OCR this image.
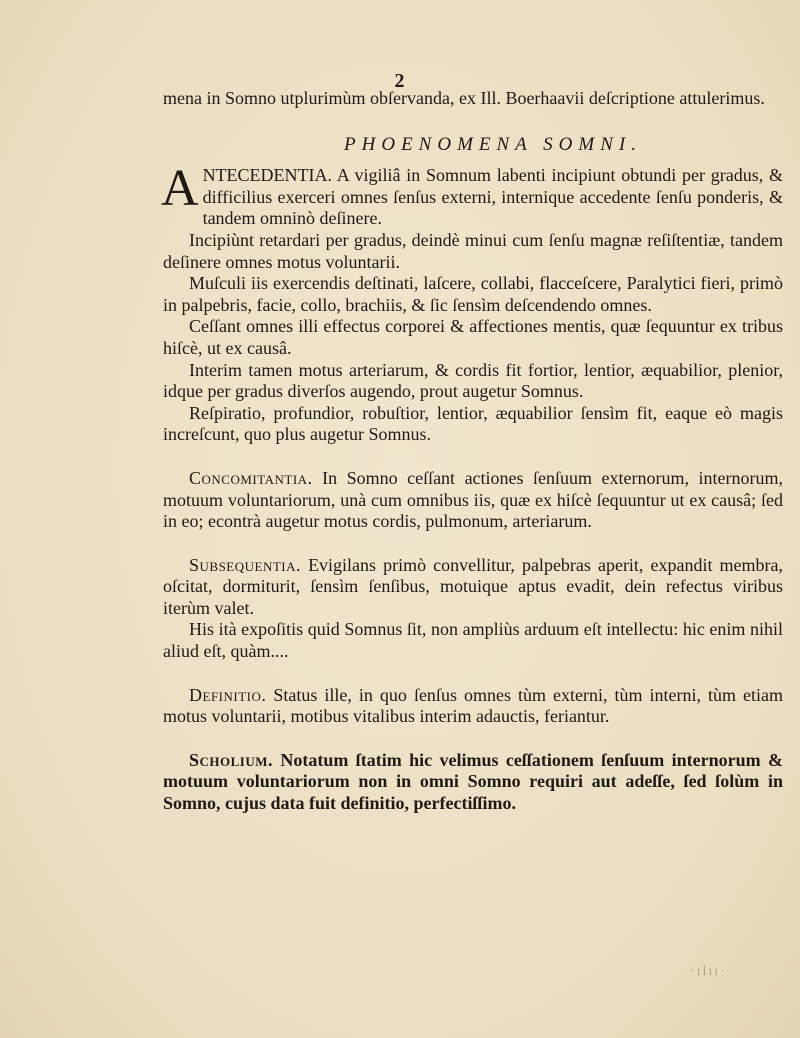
2

mena in Somno utplurimùm obſervanda, ex Ill. Boerhaavii deſcriptione attulerimus.

PHOENOMENA SOMNI.

ANTECEDENTIA. A vigiliâ in Somnum labenti incipiunt obtundi per gradus, & difficilius exerceri omnes ſenſus externi, internique accedente ſenſu ponderis, & tandem omninò deſinere.

Incipiùnt retardari per gradus, deindè minui cum ſenſu magnæ reſiſtentiæ, tandem deſinere omnes motus voluntarii.

Muſculi iis exercendis deſtinati, laſcere, collabi, flacceſcere, Paralytici fieri, primò in palpebris, facie, collo, brachiis, & ſic ſensìm deſcendendo omnes.

Ceſſant omnes illi effectus corporei & affectiones mentis, quæ ſequuntur ex tribus hiſcè, ut ex causâ.

Interim tamen motus arteriarum, & cordis fit fortior, lentior, æquabilior, plenior, idque per gradus diverſos augendo, prout augetur Somnus.

Reſpiratio, profundior, robuſtior, lentior, æquabilior ſensìm fit, eaque eò magis increſcunt, quo plus augetur Somnus.

Concomitantia. In Somno ceſſant actiones ſenſuum externorum, internorum, motuum voluntariorum, unà cum omnibus iis, quæ ex hiſcè ſequuntur ut ex causâ; ſed in eo; econtrà augetur motus cordis, pulmonum, arteriarum.

Subsequentia. Evigilans primò convellitur, palpebras aperit, expandit membra, oſcitat, dormiturit, ſensìm ſenſibus, motuique aptus evadit, dein refectus viribus iterùm valet.

His ità expoſitis quid Somnus ſit, non ampliùs arduum eſt intellectu: hic enim nihil aliud eſt, quàm....

Definitio. Status ille, in quo ſenſus omnes tùm externi, tùm interni, tùm etiam motus voluntarii, motibus vitalibus interim adauctis, feriantur.

Scholium. Notatum ſtatim hic velimus ceſſationem ſenſuum internorum & motuum voluntariorum non in omni Somno requiri aut adeſſe, ſed ſolùm in Somno, cujus data fuit definitio, perfectiſſimo.

·ılıı·
